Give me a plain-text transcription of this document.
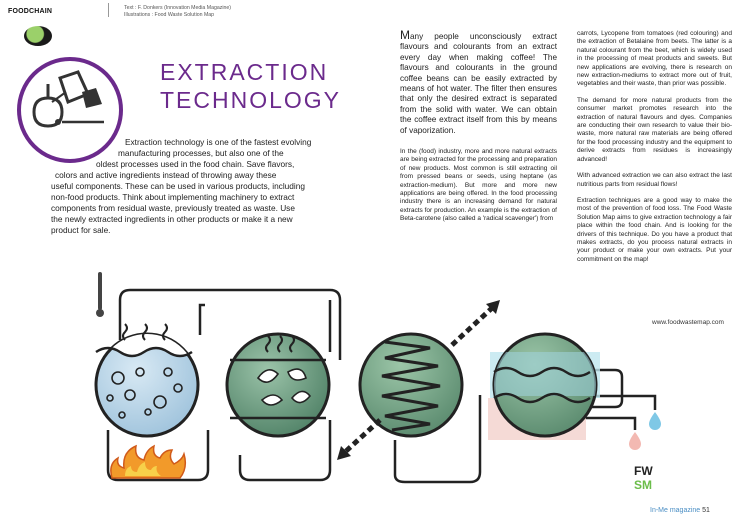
FOODCHAIN	Text : F. Donkers (Innovation Media Magazine)
Illustrations : Food Waste Solution Map
EXTRACTION
TECHNOLOGY
Extraction technology is one of the fastest evolving
manufacturing processes, but also one of the
oldest processes used in the food chain. Save flavors,
colors and active ingredients instead of throwing away these
useful components. These can be used in various products, including
non-food products. Think about implementing machinery to extract
components from residual waste, previously treated as waste. Use
the newly extracted ingredients in other products or make it a new
product for sale.
Many people unconsciously extract flavours and colourants from an extract every day when making coffee! The flavours and colourants in the ground coffee beans can be easily extracted by means of hot water. The filter then ensures that only the desired extract is separated from the solid with water. We can obtain the coffee extract itself from this by means of vaporization.

In the (food) industry, more and more natural extracts are being extracted for the processing and preparation of new products. Most common is still extracting oil from pressed beans or seeds, using heptane (as extraction-medium). But more and more new applications are being offered. In the food processing industry there is an increasing demand for natural extracts for production. An example is the extraction of Beta-carotene (also called a 'radical scavenger') from

carrots, Lycopene from tomatoes (red colouring) and the extraction of Betalaine from beets. The latter is a natural colourant from the beet, which is widely used in the processing of meat products and sweets. But new applications are evolving, there is research on new extraction-mediums to extract more out of fruit, vegetables and their waste, than prior was possible.

The demand for more natural products from the consumer market promotes research into the extraction of natural flavours and dyes. Companies are conducting their own research to value their bio-waste, more natural raw materials are being offered for the food processing industry and the equipment to derive extracts from residues is increasingly advanced!

With advanced extraction we can also extract the last nutritious parts from residual flows!

Extraction techniques are a good way to make the most of the prevention of food loss. The Food Waste Solution Map aims to give extraction technology a fair place within the food chain. And is looking for the drivers of this technique. Do you have a product that makes extracts, do you process natural extracts in your product or make your own extracts. Put your commitment on the map!

www.foodwastemap.com
FW
SM
In-Me magazine 51
